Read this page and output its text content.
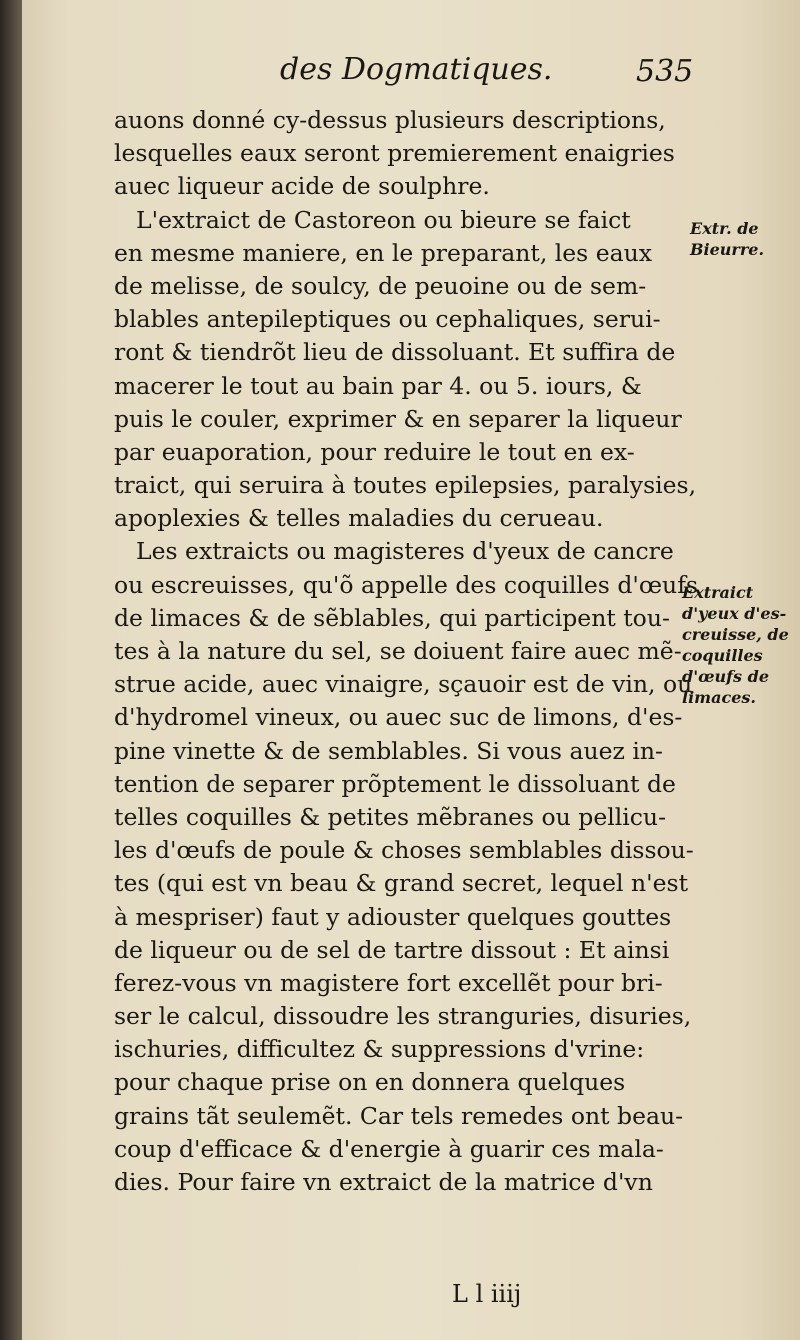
des Dogmatiques.	535
auons donné cy-dessus plusieurs descriptions,
lesquelles eaux seront premierement enaigries
auec liqueur acide de soulphre.
L'extraict de Castoreon ou bieure se faict
en mesme maniere, en le preparant, les eaux
de melisse, de soulcy, de peuoine ou de sem-
blables antepileptiques ou cephaliques, serui-
ront & tiendrõt lieu de dissoluant. Et suffira de
macerer le tout au bain par 4. ou 5. iours, &
puis le couler, exprimer & en separer la liqueur
par euaporation, pour reduire le tout en ex-
traict, qui seruira à toutes epilepsies, paralysies,
apoplexies & telles maladies du cerueau.
Les extraicts ou magisteres d'yeux de cancre
ou escreuisses, qu'õ appelle des coquilles d'œufs
de limaces & de sẽblables, qui participent tou-
tes à la nature du sel, se doiuent faire auec mẽ-
strue acide, auec vinaigre, sçauoir est de vin, ou
d'hydromel vineux, ou auec suc de limons, d'es-
pine vinette & de semblables. Si vous auez in-
tention de separer prõptement le dissoluant de
telles coquilles & petites mẽbranes ou pellicu-
les d'œufs de poule & choses semblables dissou-
tes (qui est vn beau & grand secret, lequel n'est
à mespriser) faut y adiouster quelques gouttes
de liqueur ou de sel de tartre dissout : Et ainsi
ferez-vous vn magistere fort excellẽt pour bri-
ser le calcul, dissoudre les stranguries, disuries,
ischuries, difficultez & suppressions d'vrine:
pour chaque prise on en donnera quelques
grains tãt seulemẽt. Car tels remedes ont beau-
coup d'efficace & d'energie à guarir ces mala-
dies. Pour faire vn extraict de la matrice d'vn
Extr. de
Bieurre.
Extraict
d'yeux d'es-
creuisse, de
coquilles
d'œufs de
limaces.
L l iiij
